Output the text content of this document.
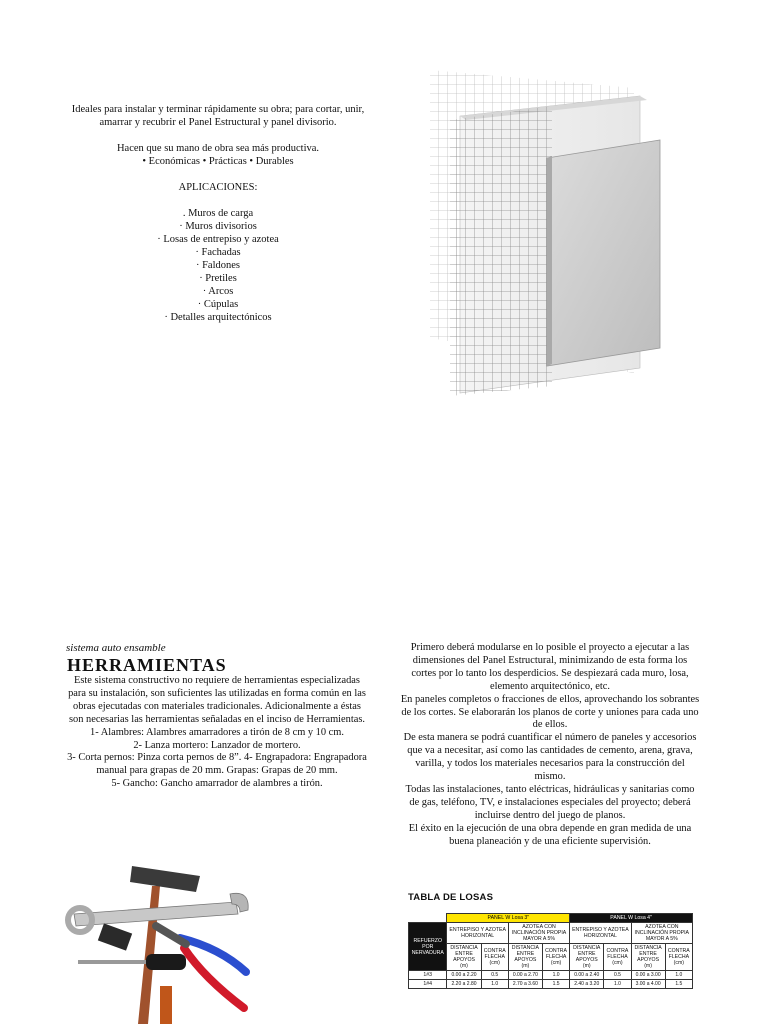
Ideales para instalar y terminar rápidamente su obra; para cortar, unir, amarrar y recubrir el Panel Estructural y panel divisorio.

Hacen que su mano de obra sea más productiva.

• Económicas • Prácticas • Durables

APLICACIONES:

. Muros de carga

· Muros divisorios

· Losas de entrepiso y azotea

· Fachadas

· Faldones

· Pretiles

· Arcos

· Cúpulas

· Detalles arquitectónicos

sistema auto ensamble
HERRAMIENTAS

Este sistema constructivo no requiere de herramientas especializadas para su instalación, son suficientes las utilizadas en forma común en las obras ejecutadas con materiales tradicionales. Adicionalmente a éstas son necesarias las herramientas señaladas en el inciso de Herramientas.

1- Alambres: Alambres amarradores a tirón de 8 cm y 10 cm.

2- Lanza mortero: Lanzador de mortero.

3- Corta pernos: Pinza corta pernos de 8”. 4- Engrapadora: Engrapadora manual para grapas de 20 mm. Grapas: Grapas de 20 mm.

5- Gancho: Gancho amarrador de alambres a tirón.

Primero deberá modularse en lo posible el proyecto a ejecutar a las dimensiones del Panel Estructural, minimizando de esta forma los cortes por lo tanto los desperdicios. Se despiezará cada muro, losa, elemento arquitectónico, etc.

En paneles completos o fracciones de ellos, aprovechando los sobrantes de los cortes. Se elaborarán los planos de corte y uniones para cada uno de ellos.

De esta manera se podrá cuantificar el número de paneles y accesorios que va a necesitar, así como las cantidades de cemento, arena, grava, varilla, y todos los materiales necesarios para la construcción del mismo.

Todas las instalaciones, tanto eléctricas, hidráulicas y sanitarias como de gas, teléfono, TV, e instalaciones especiales del proyecto; deberá incluirse dentro del juego de planos.

El éxito en la ejecución de una obra depende en gran medida de una buena planeación y de una eficiente supervisión.

TABLA DE LOSAS
	PANEL W Losa 3"				PANEL W Losa 4"			
REFUERZO POR NERVADURA	ENTREPISO Y AZOTEA HORIZONTAL		AZOTEA CON INCLINACIÓN PROPIA MAYOR A 5%		ENTREPISO Y AZOTEA HORIZONTAL		AZOTEA CON INCLINACIÓN PROPIA MAYOR A 5%	
	DISTANCIA ENTRE APOYOS (m)	CONTRA FLECHA (cm)	DISTANCIA ENTRE APOYOS (m)	CONTRA FLECHA (cm)	DISTANCIA ENTRE APOYOS (m)	CONTRA FLECHA (cm)	DISTANCIA ENTRE APOYOS (m)	CONTRA FLECHA (cm)
1#3	0.00 a 2.20	0.5	0.00 a 2.70	1.0	0.00 a 2.40	0.5	0.00 a 3.00	1.0
1#4	2.20 a 2.80	1.0	2.70 a 3.60	1.5	2.40 a 3.20	1.0	3.00 a 4.00	1.5
